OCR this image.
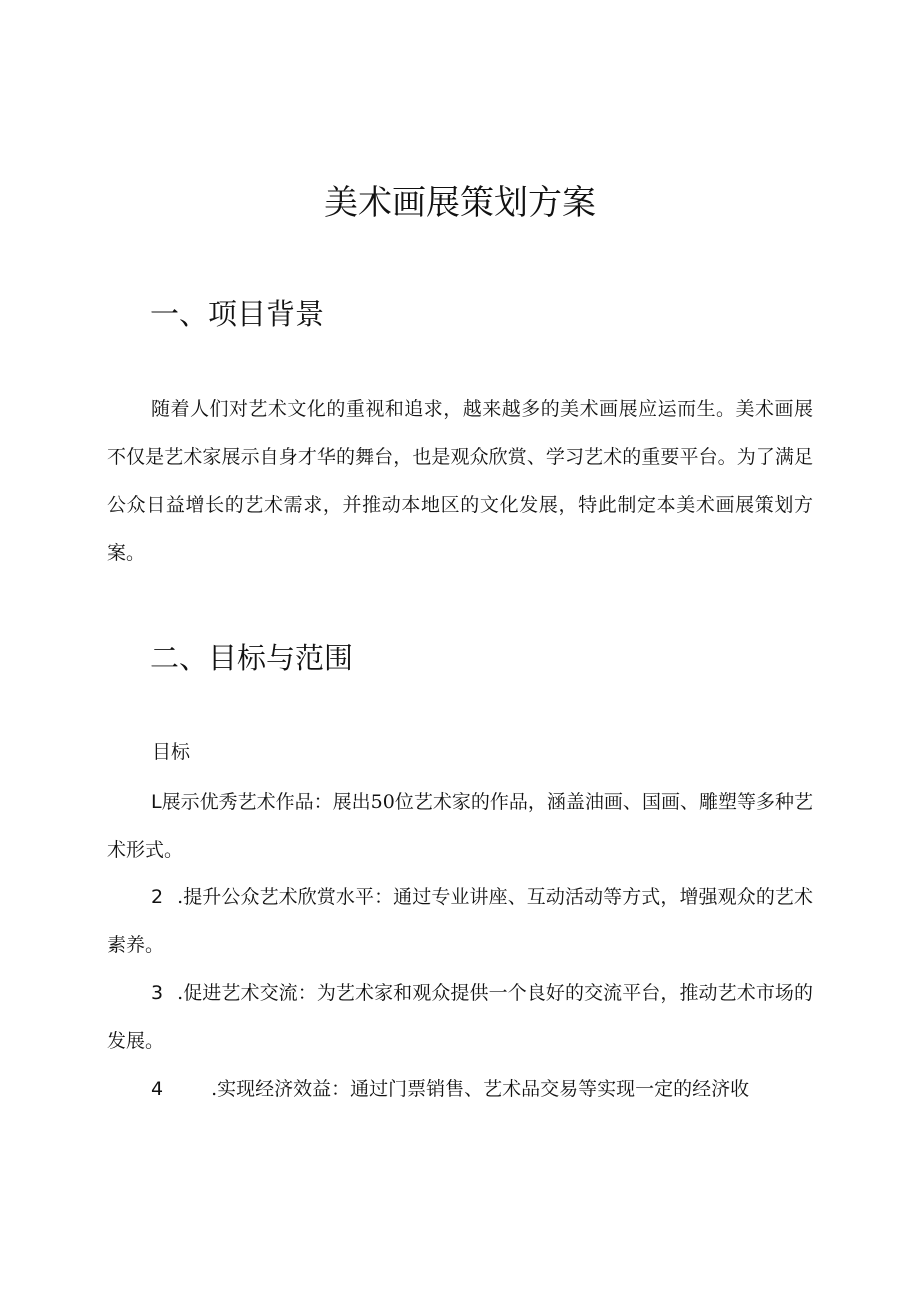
美术画展策划方案
一、项目背景

随着人们对艺术文化的重视和追求，越来越多的美术画展应运而生。美术画展不仅是艺术家展示自身才华的舞台，也是观众欣赏、学习艺术的重要平台。为了满足公众日益增长的艺术需求，并推动本地区的文化发展，特此制定本美术画展策划方案。

二、目标与范围
目标

L展示优秀艺术作品：展出50位艺术家的作品，涵盖油画、国画、雕塑等多种艺术形式。

2 .提升公众艺术欣赏水平：通过专业讲座、互动活动等方式，增强观众的艺术素养。

3 .促进艺术交流：为艺术家和观众提供一个良好的交流平台，推动艺术市场的发展。

4	.实现经济效益：通过门票销售、艺术品交易等实现一定的经济收
